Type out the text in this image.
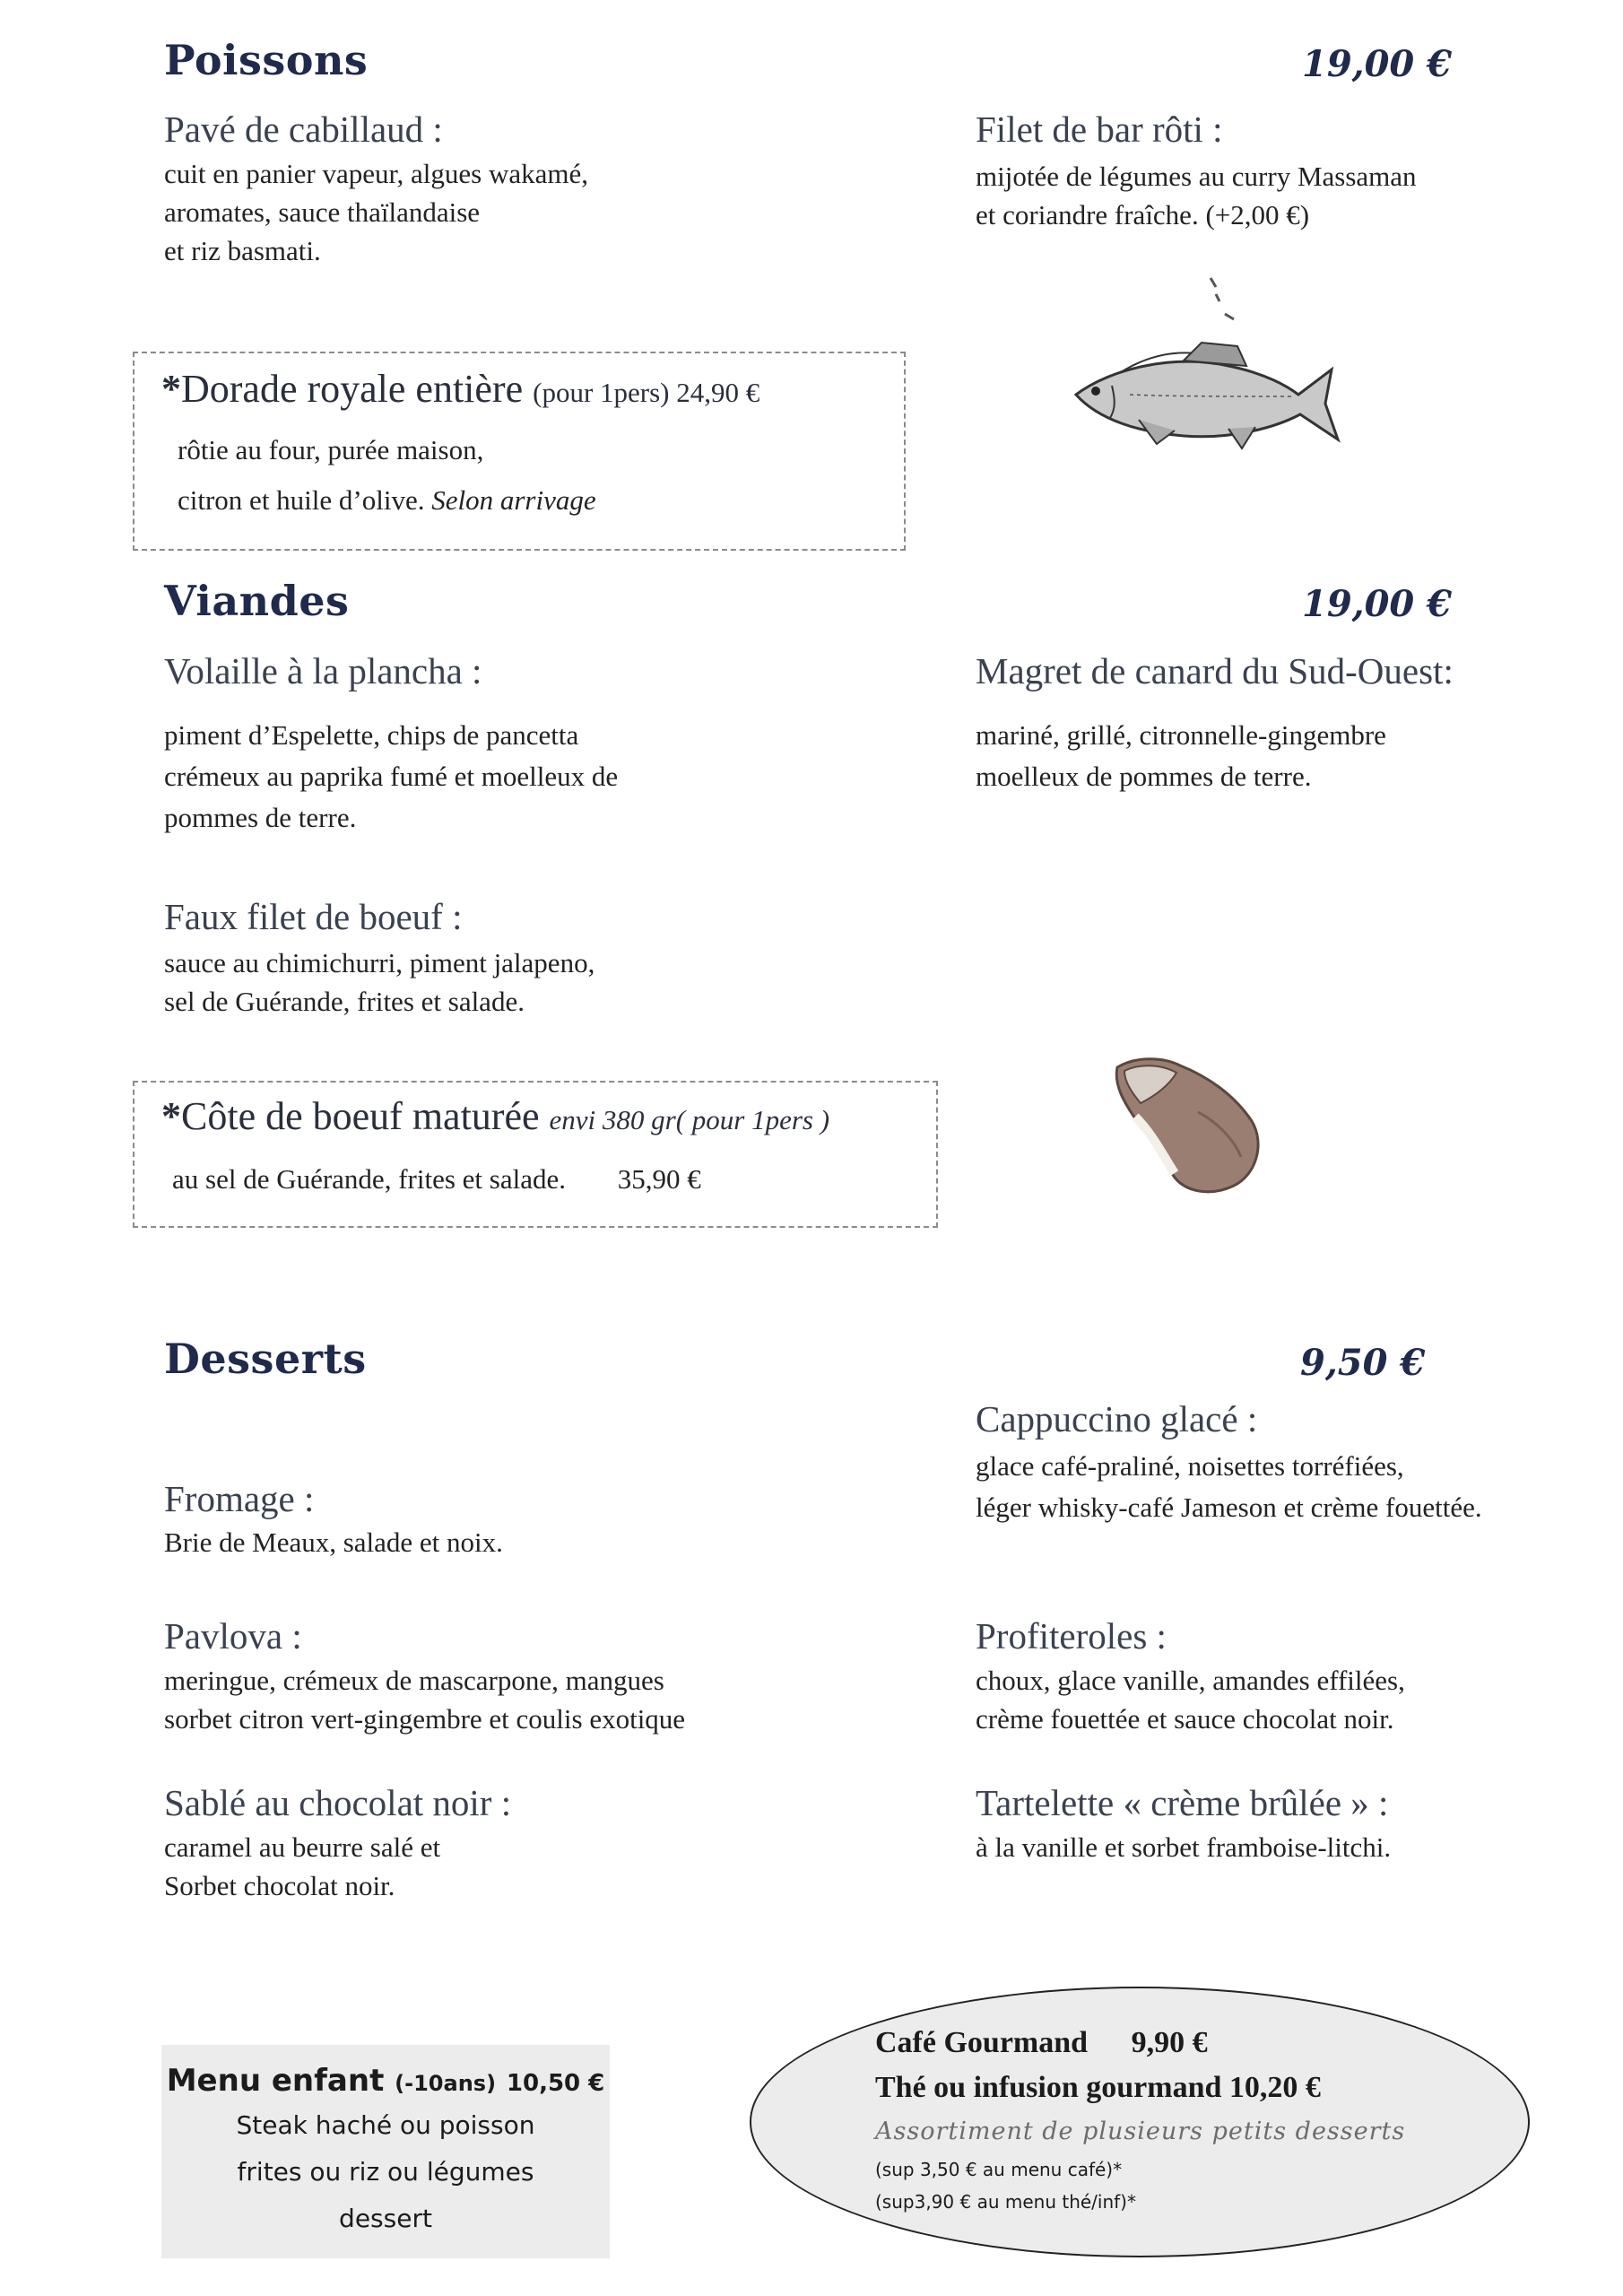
Poissons	19,00 €
Pavé de cabillaud :
cuit en panier vapeur, algues wakamé,
aromates, sauce thaïlandaise
et riz basmati.
Filet de bar rôti :
mijotée de légumes au curry Massaman
et coriandre fraîche. (+2,00 €)
*Dorade royale entière (pour 1pers) 24,90 €
rôtie au four, purée maison,
citron et huile d’olive. Selon arrivage
Viandes	19,00 €
Volaille à la plancha :
piment d’Espelette, chips de pancetta
crémeux au paprika fumé et moelleux de
pommes de terre.
Magret de canard du Sud-Ouest:
mariné, grillé, citronnelle-gingembre
moelleux de pommes de terre.
Faux filet de boeuf :
sauce au chimichurri, piment jalapeno,
sel de Guérande, frites et salade.
*Côte de boeuf maturée envi 380 gr( pour 1pers )
au sel de Guérande, frites et salade. 35,90 €
Desserts	9,50 €
Cappuccino glacé :
glace café-praliné, noisettes torréfiées,
léger whisky-café Jameson et crème fouettée.
Fromage :
Brie de Meaux, salade et noix.
Pavlova :
meringue, crémeux de mascarpone, mangues
sorbet citron vert-gingembre et coulis exotique
Profiteroles :
choux, glace vanille, amandes effilées,
crème fouettée et sauce chocolat noir.
Sablé au chocolat noir :
caramel au beurre salé et
Sorbet chocolat noir.
Tartelette « crème brûlée » :
à la vanille et sorbet framboise-litchi.
Menu enfant (-10ans) 10,50 €
Steak haché ou poisson
frites ou riz ou légumes
dessert
Café Gourmand 9,90 €
Thé ou infusion gourmand 10,20 €
Assortiment de plusieurs petits desserts
(sup 3,50 € au menu café)*
(sup3,90 € au menu thé/inf)*
